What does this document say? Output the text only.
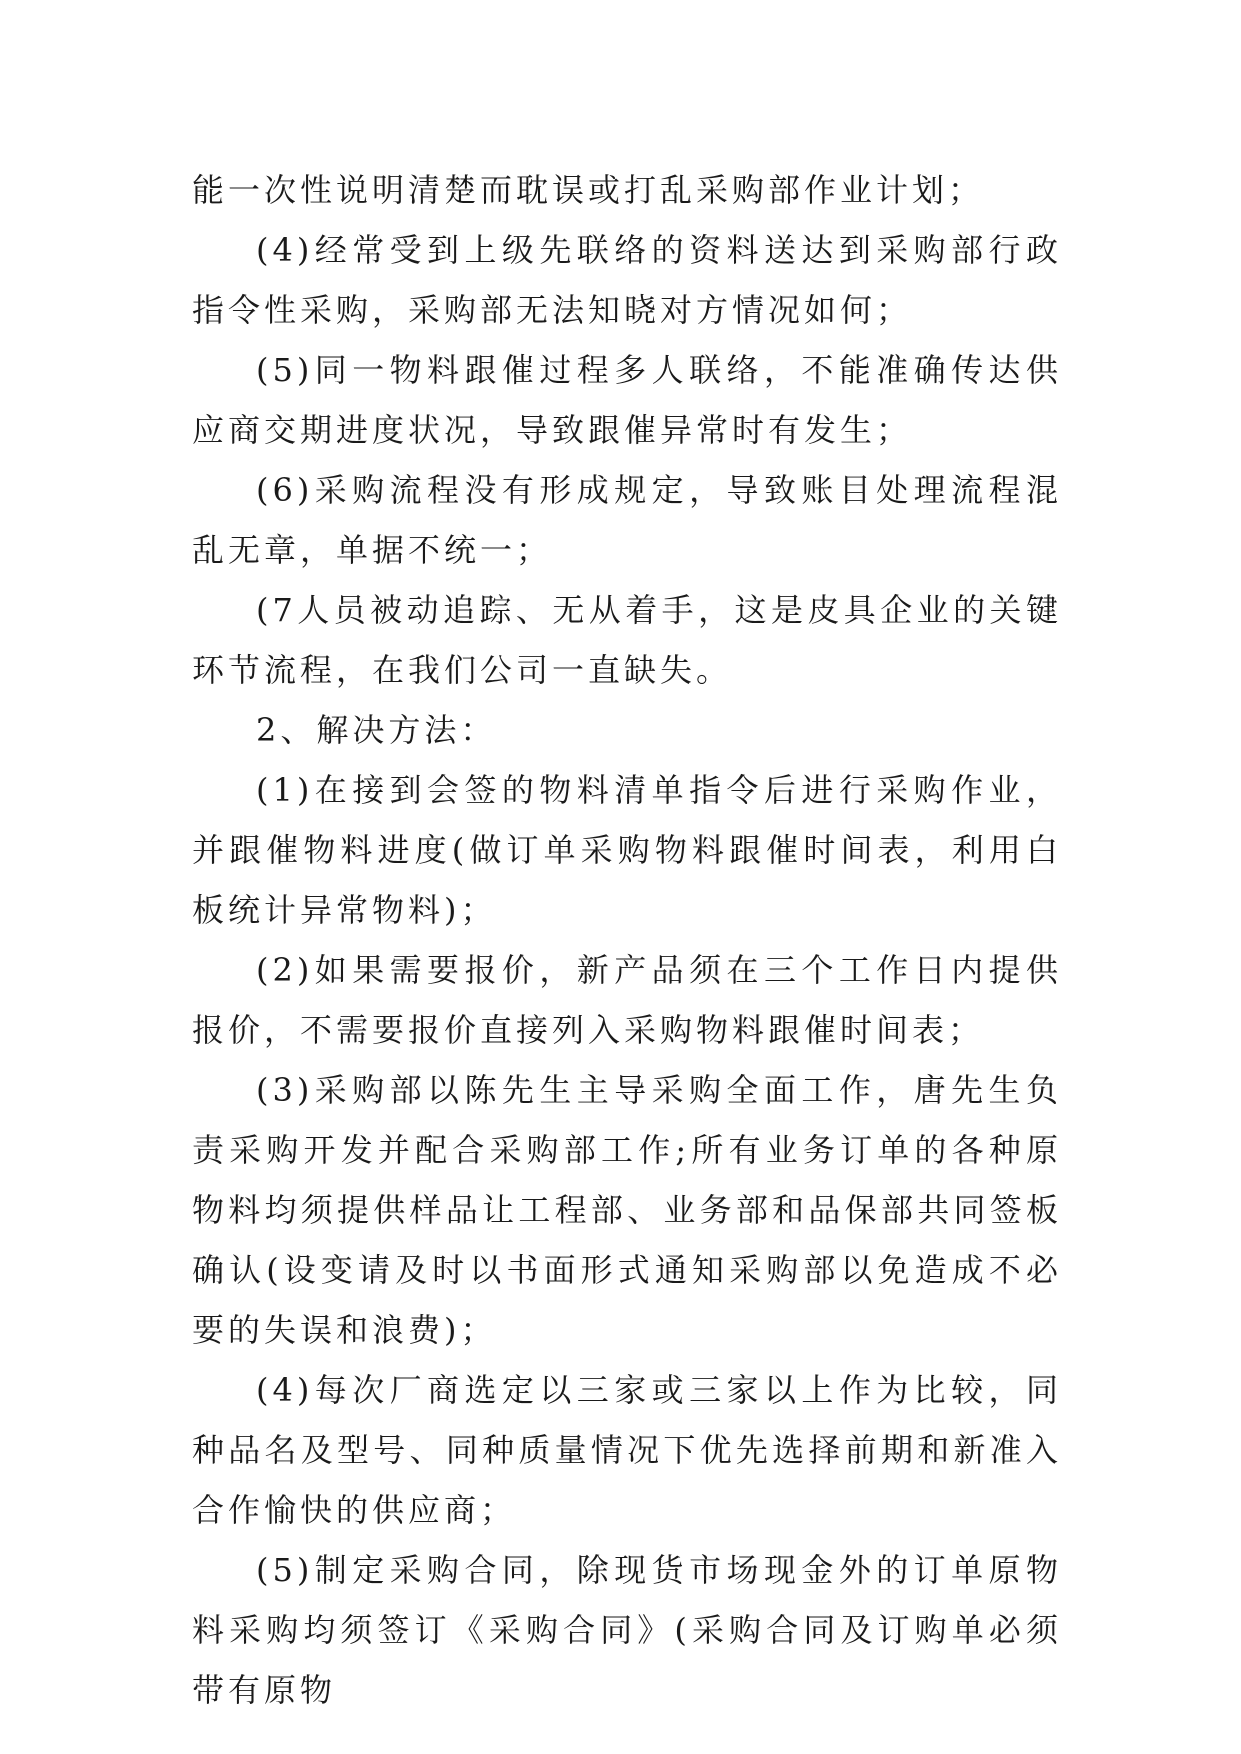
能一次性说明清楚而耽误或打乱采购部作业计划；

(4)经常受到上级先联络的资料送达到采购部行政指令性采购，采购部无法知晓对方情况如何；

(5)同一物料跟催过程多人联络，不能准确传达供应商交期进度状况，导致跟催异常时有发生；

(6)采购流程没有形成规定，导致账目处理流程混乱无章，单据不统一；

(7人员被动追踪、无从着手，这是皮具企业的关键环节流程，在我们公司一直缺失。

2、解决方法：

(1)在接到会签的物料清单指令后进行采购作业，并跟催物料进度(做订单采购物料跟催时间表，利用白板统计异常物料)；

(2)如果需要报价，新产品须在三个工作日内提供报价，不需要报价直接列入采购物料跟催时间表；

(3)采购部以陈先生主导采购全面工作，唐先生负责采购开发并配合采购部工作;所有业务订单的各种原物料均须提供样品让工程部、业务部和品保部共同签板确认(设变请及时以书面形式通知采购部以免造成不必要的失误和浪费)；

(4)每次厂商选定以三家或三家以上作为比较，同种品名及型号、同种质量情况下优先选择前期和新准入合作愉快的供应商；

(5)制定采购合同，除现货市场现金外的订单原物料采购均须签订《采购合同》(采购合同及订购单必须带有原物
